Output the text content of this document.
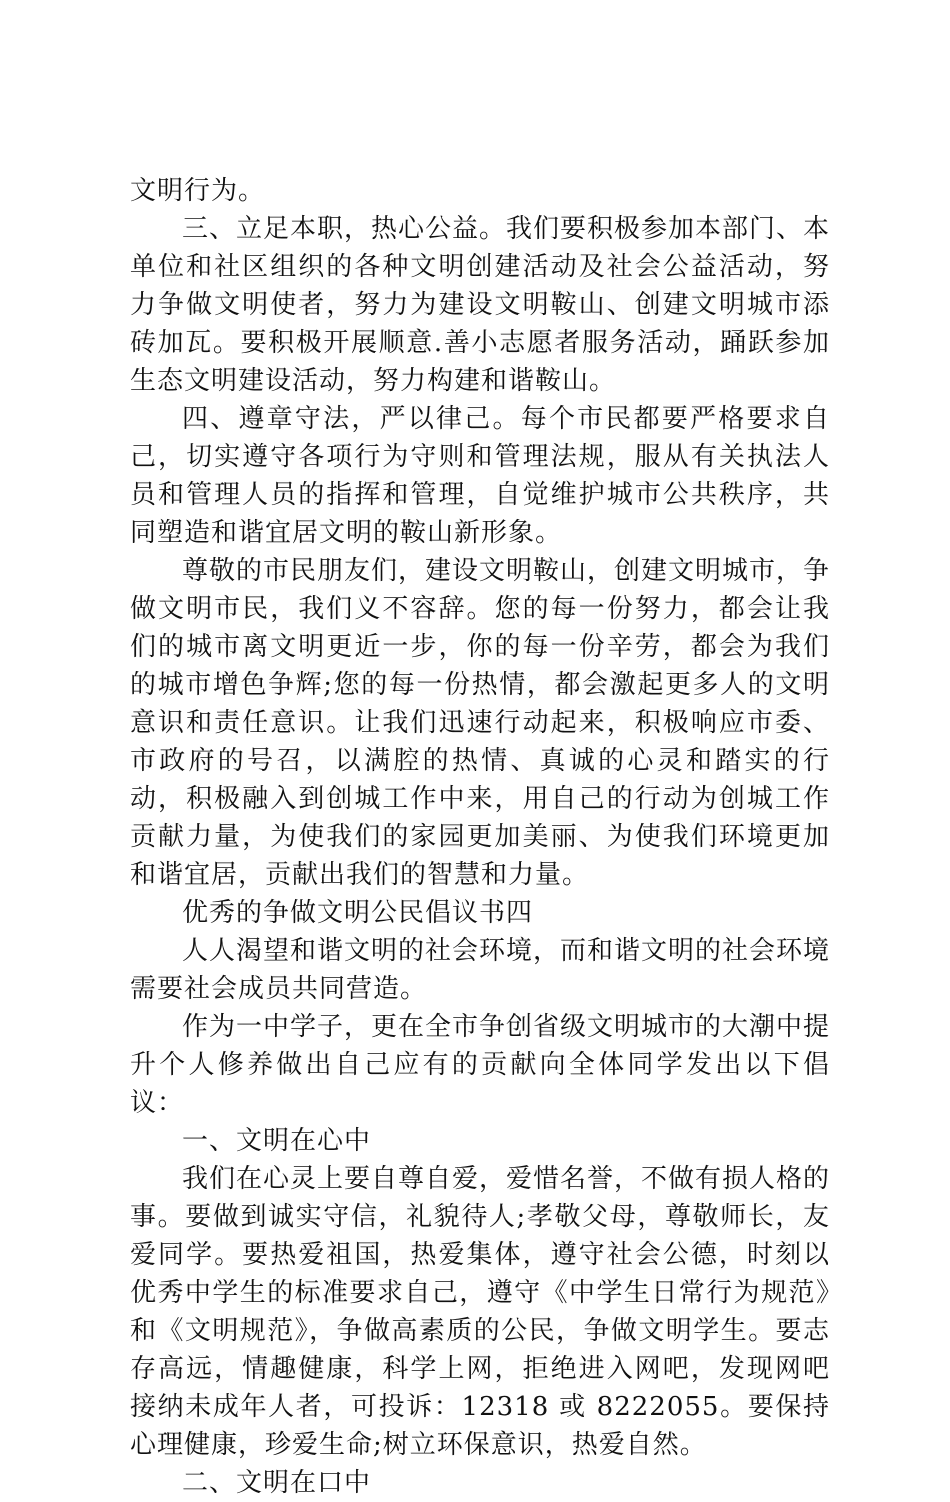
文明行为。

三、立足本职，热心公益。我们要积极参加本部门、本单位和社区组织的各种文明创建活动及社会公益活动，努力争做文明使者，努力为建设文明鞍山、创建文明城市添砖加瓦。要积极开展顺意.善小志愿者服务活动，踊跃参加生态文明建设活动，努力构建和谐鞍山。

四、遵章守法，严以律己。每个市民都要严格要求自己，切实遵守各项行为守则和管理法规，服从有关执法人员和管理人员的指挥和管理，自觉维护城市公共秩序，共同塑造和谐宜居文明的鞍山新形象。

尊敬的市民朋友们，建设文明鞍山，创建文明城市，争做文明市民，我们义不容辞。您的每一份努力，都会让我们的城市离文明更近一步，你的每一份辛劳，都会为我们的城市增色争辉;您的每一份热情，都会激起更多人的文明意识和责任意识。让我们迅速行动起来，积极响应市委、市政府的号召，以满腔的热情、真诚的心灵和踏实的行动，积极融入到创城工作中来，用自己的行动为创城工作贡献力量，为使我们的家园更加美丽、为使我们环境更加和谐宜居，贡献出我们的智慧和力量。

优秀的争做文明公民倡议书四

人人渴望和谐文明的社会环境，而和谐文明的社会环境需要社会成员共同营造。

作为一中学子，更在全市争创省级文明城市的大潮中提升个人修养做出自己应有的贡献向全体同学发出以下倡议：

一、文明在心中

我们在心灵上要自尊自爱，爱惜名誉，不做有损人格的事。要做到诚实守信，礼貌待人;孝敬父母，尊敬师长，友爱同学。要热爱祖国，热爱集体，遵守社会公德，时刻以优秀中学生的标准要求自己，遵守《中学生日常行为规范》和《文明规范》，争做高素质的公民，争做文明学生。要志存高远，情趣健康，科学上网，拒绝进入网吧，发现网吧接纳未成年人者，可投诉：12318 或 8222055。要保持心理健康，珍爱生命;树立环保意识，热爱自然。

二、文明在口中
